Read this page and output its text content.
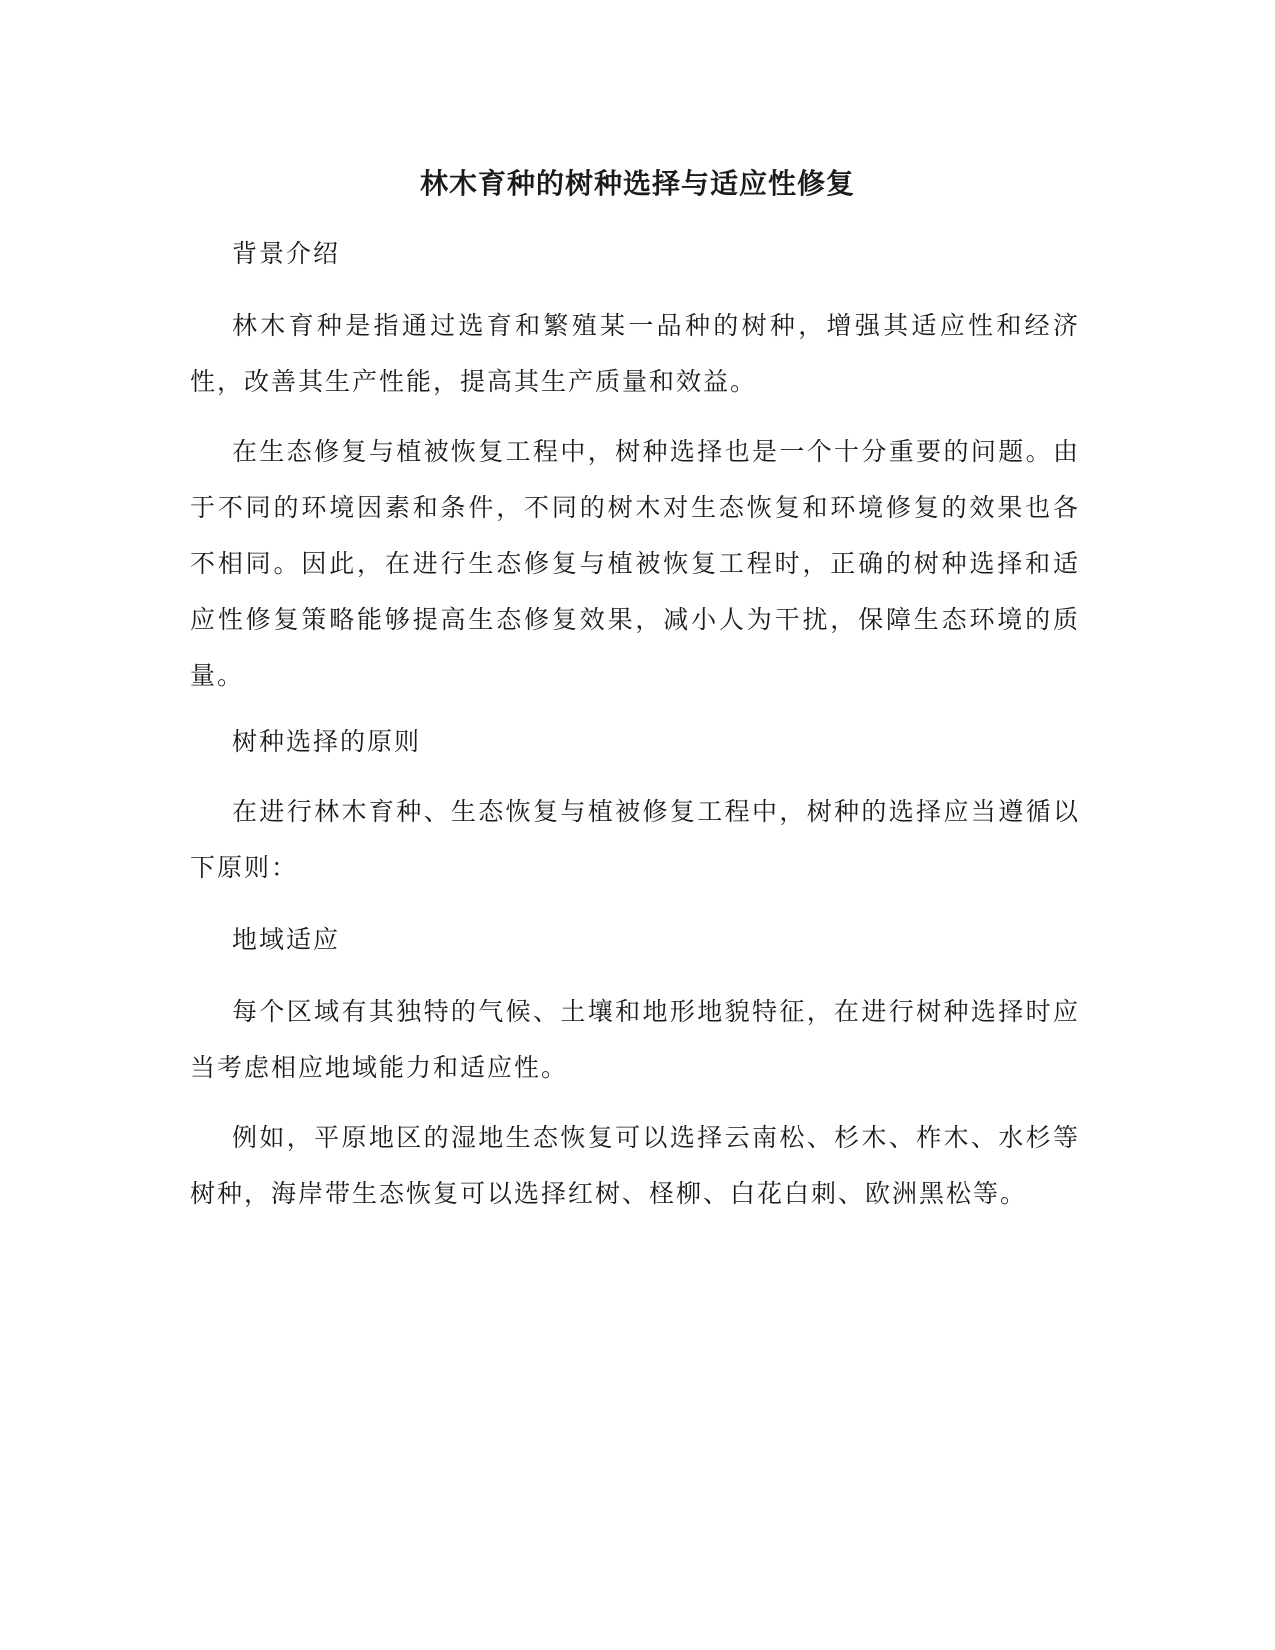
林木育种的树种选择与适应性修复

背景介绍

林木育种是指通过选育和繁殖某一品种的树种，增强其适应性和经济性，改善其生产性能，提高其生产质量和效益。

在生态修复与植被恢复工程中，树种选择也是一个十分重要的问题。由于不同的环境因素和条件，不同的树木对生态恢复和环境修复的效果也各不相同。因此，在进行生态修复与植被恢复工程时，正确的树种选择和适应性修复策略能够提高生态修复效果，减小人为干扰，保障生态环境的质量。

树种选择的原则

在进行林木育种、生态恢复与植被修复工程中，树种的选择应当遵循以下原则：

地域适应

每个区域有其独特的气候、土壤和地形地貌特征，在进行树种选择时应当考虑相应地域能力和适应性。

例如，平原地区的湿地生态恢复可以选择云南松、杉木、柞木、水杉等树种，海岸带生态恢复可以选择红树、柽柳、白花白刺、欧洲黑松等。
